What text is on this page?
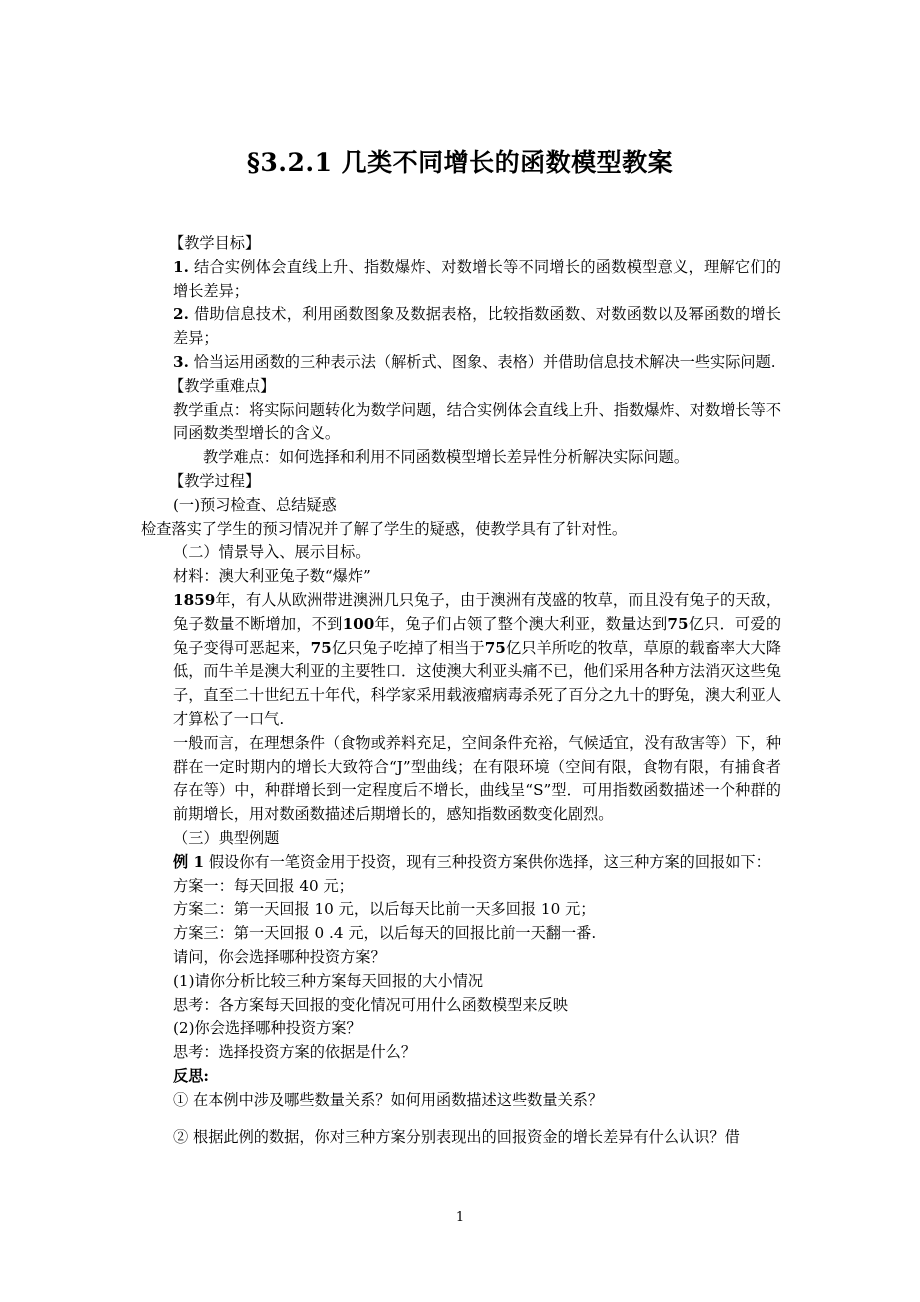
§3.2.1 几类不同增长的函数模型教案

【教学目标】

1. 结合实例体会直线上升、指数爆炸、对数增长等不同增长的函数模型意义，理解它们的增长差异；

2. 借助信息技术，利用函数图象及数据表格，比较指数函数、对数函数以及幂函数的增长差异；

3. 恰当运用函数的三种表示法（解析式、图象、表格）并借助信息技术解决一些实际问题.

【教学重难点】

教学重点：将实际问题转化为数学问题，结合实例体会直线上升、指数爆炸、对数增长等不同函数类型增长的含义。

教学难点：如何选择和利用不同函数模型增长差异性分析解决实际问题。

【教学过程】

(一)预习检查、总结疑惑

检查落实了学生的预习情况并了解了学生的疑惑，使教学具有了针对性。

（二）情景导入、展示目标。

材料：澳大利亚兔子数“爆炸”

1859年，有人从欧洲带进澳洲几只兔子，由于澳洲有茂盛的牧草，而且没有兔子的天敌，兔子数量不断增加，不到100年，兔子们占领了整个澳大利亚，数量达到75亿只．可爱的兔子变得可恶起来，75亿只兔子吃掉了相当于75亿只羊所吃的牧草，草原的载畜率大大降低，而牛羊是澳大利亚的主要牲口．这使澳大利亚头痛不已，他们采用各种方法消灭这些兔子，直至二十世纪五十年代，科学家采用载液瘤病毒杀死了百分之九十的野兔，澳大利亚人才算松了一口气.

一般而言，在理想条件（食物或养料充足，空间条件充裕，气候适宜，没有敌害等）下，种群在一定时期内的增长大致符合“J”型曲线；在有限环境（空间有限，食物有限，有捕食者存在等）中，种群增长到一定程度后不增长，曲线呈“S”型．可用指数函数描述一个种群的前期增长，用对数函数描述后期增长的，感知指数函数变化剧烈。

（三）典型例题

例 1 假设你有一笔资金用于投资，现有三种投资方案供你选择，这三种方案的回报如下：

方案一：每天回报 40 元；

方案二：第一天回报 10 元，以后每天比前一天多回报 10 元；

方案三：第一天回报 0 .4 元，以后每天的回报比前一天翻一番.

请问，你会选择哪种投资方案？

(1)请你分析比较三种方案每天回报的大小情况

思考：各方案每天回报的变化情况可用什么函数模型来反映

(2)你会选择哪种投资方案？

思考：选择投资方案的依据是什么？

反思:

① 在本例中涉及哪些数量关系？如何用函数描述这些数量关系？

② 根据此例的数据，你对三种方案分别表现出的回报资金的增长差异有什么认识？借

1
